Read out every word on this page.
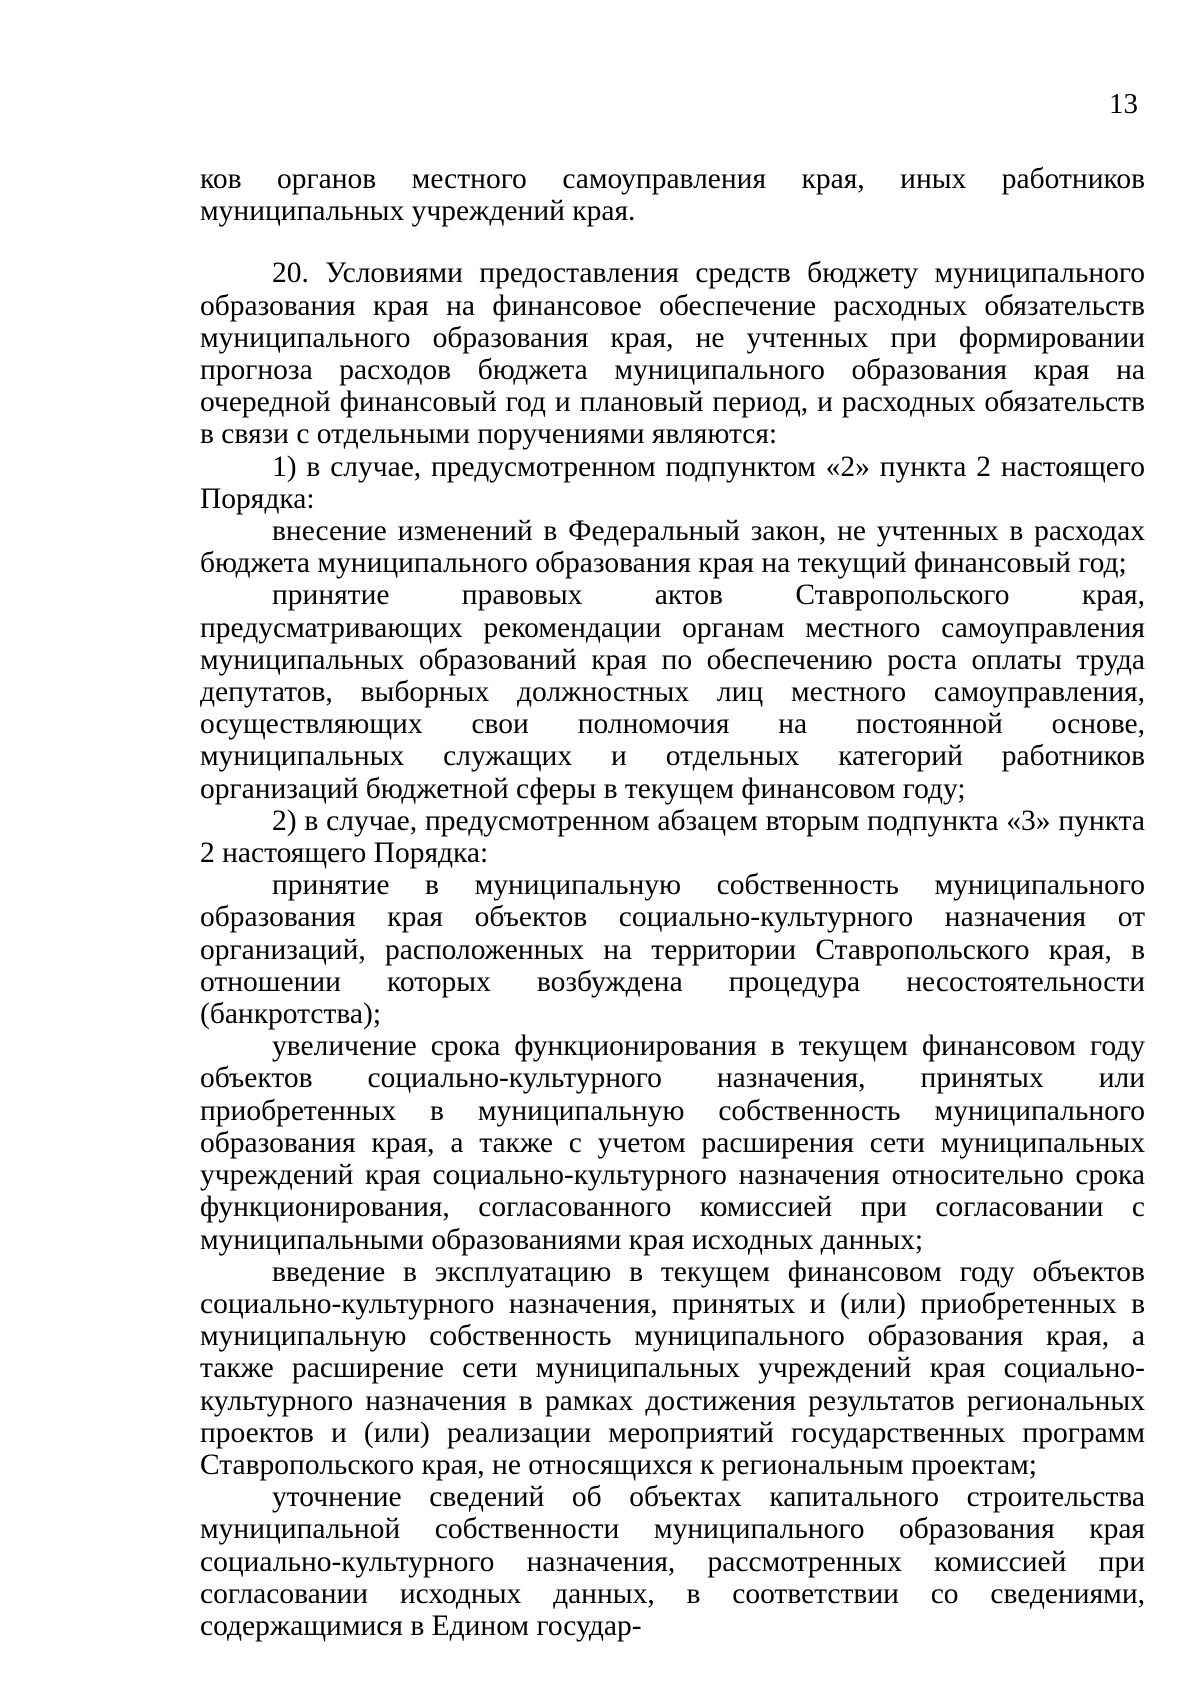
13

ков органов местного самоуправления края, иных работников муниципальных учреждений края.

20. Условиями предоставления средств бюджету муниципального образования края на финансовое обеспечение расходных обязательств муниципального образования края, не учтенных при формировании прогноза расходов бюджета муниципального образования края на очередной финансовый год и плановый период, и расходных обязательств в связи с отдельными поручениями являются:

1) в случае, предусмотренном подпунктом «2» пункта 2 настоящего Порядка:

внесение изменений в Федеральный закон, не учтенных в расходах бюджета муниципального образования края на текущий финансовый год;

принятие правовых актов Ставропольского края, предусматривающих рекомендации органам местного самоуправления муниципальных образований края по обеспечению роста оплаты труда депутатов, выборных должностных лиц местного самоуправления, осуществляющих свои полномочия на постоянной основе, муниципальных служащих и отдельных категорий работников организаций бюджетной сферы в текущем финансовом году;

2) в случае, предусмотренном абзацем вторым подпункта «3» пункта 2 настоящего Порядка:

принятие в муниципальную собственность муниципального образования края объектов социально-культурного назначения от организаций, расположенных на территории Ставропольского края, в отношении которых возбуждена процедура несостоятельности (банкротства);

увеличение срока функционирования в текущем финансовом году объектов социально-культурного назначения, принятых или приобретенных в муниципальную собственность муниципального образования края, а также с учетом расширения сети муниципальных учреждений края социально-культурного назначения относительно срока функционирования, согласованного комиссией при согласовании с муниципальными образованиями края исходных данных;

введение в эксплуатацию в текущем финансовом году объектов социально-культурного назначения, принятых и (или) приобретенных в муниципальную собственность муниципального образования края, а также расширение сети муниципальных учреждений края социально-культурного назначения в рамках достижения результатов региональных проектов и (или) реализации мероприятий государственных программ Ставропольского края, не относящихся к региональным проектам;

уточнение сведений об объектах капитального строительства муниципальной собственности муниципального образования края социально-культурного назначения, рассмотренных комиссией при согласовании исходных данных, в соответствии со сведениями, содержащимися в Едином государ-
